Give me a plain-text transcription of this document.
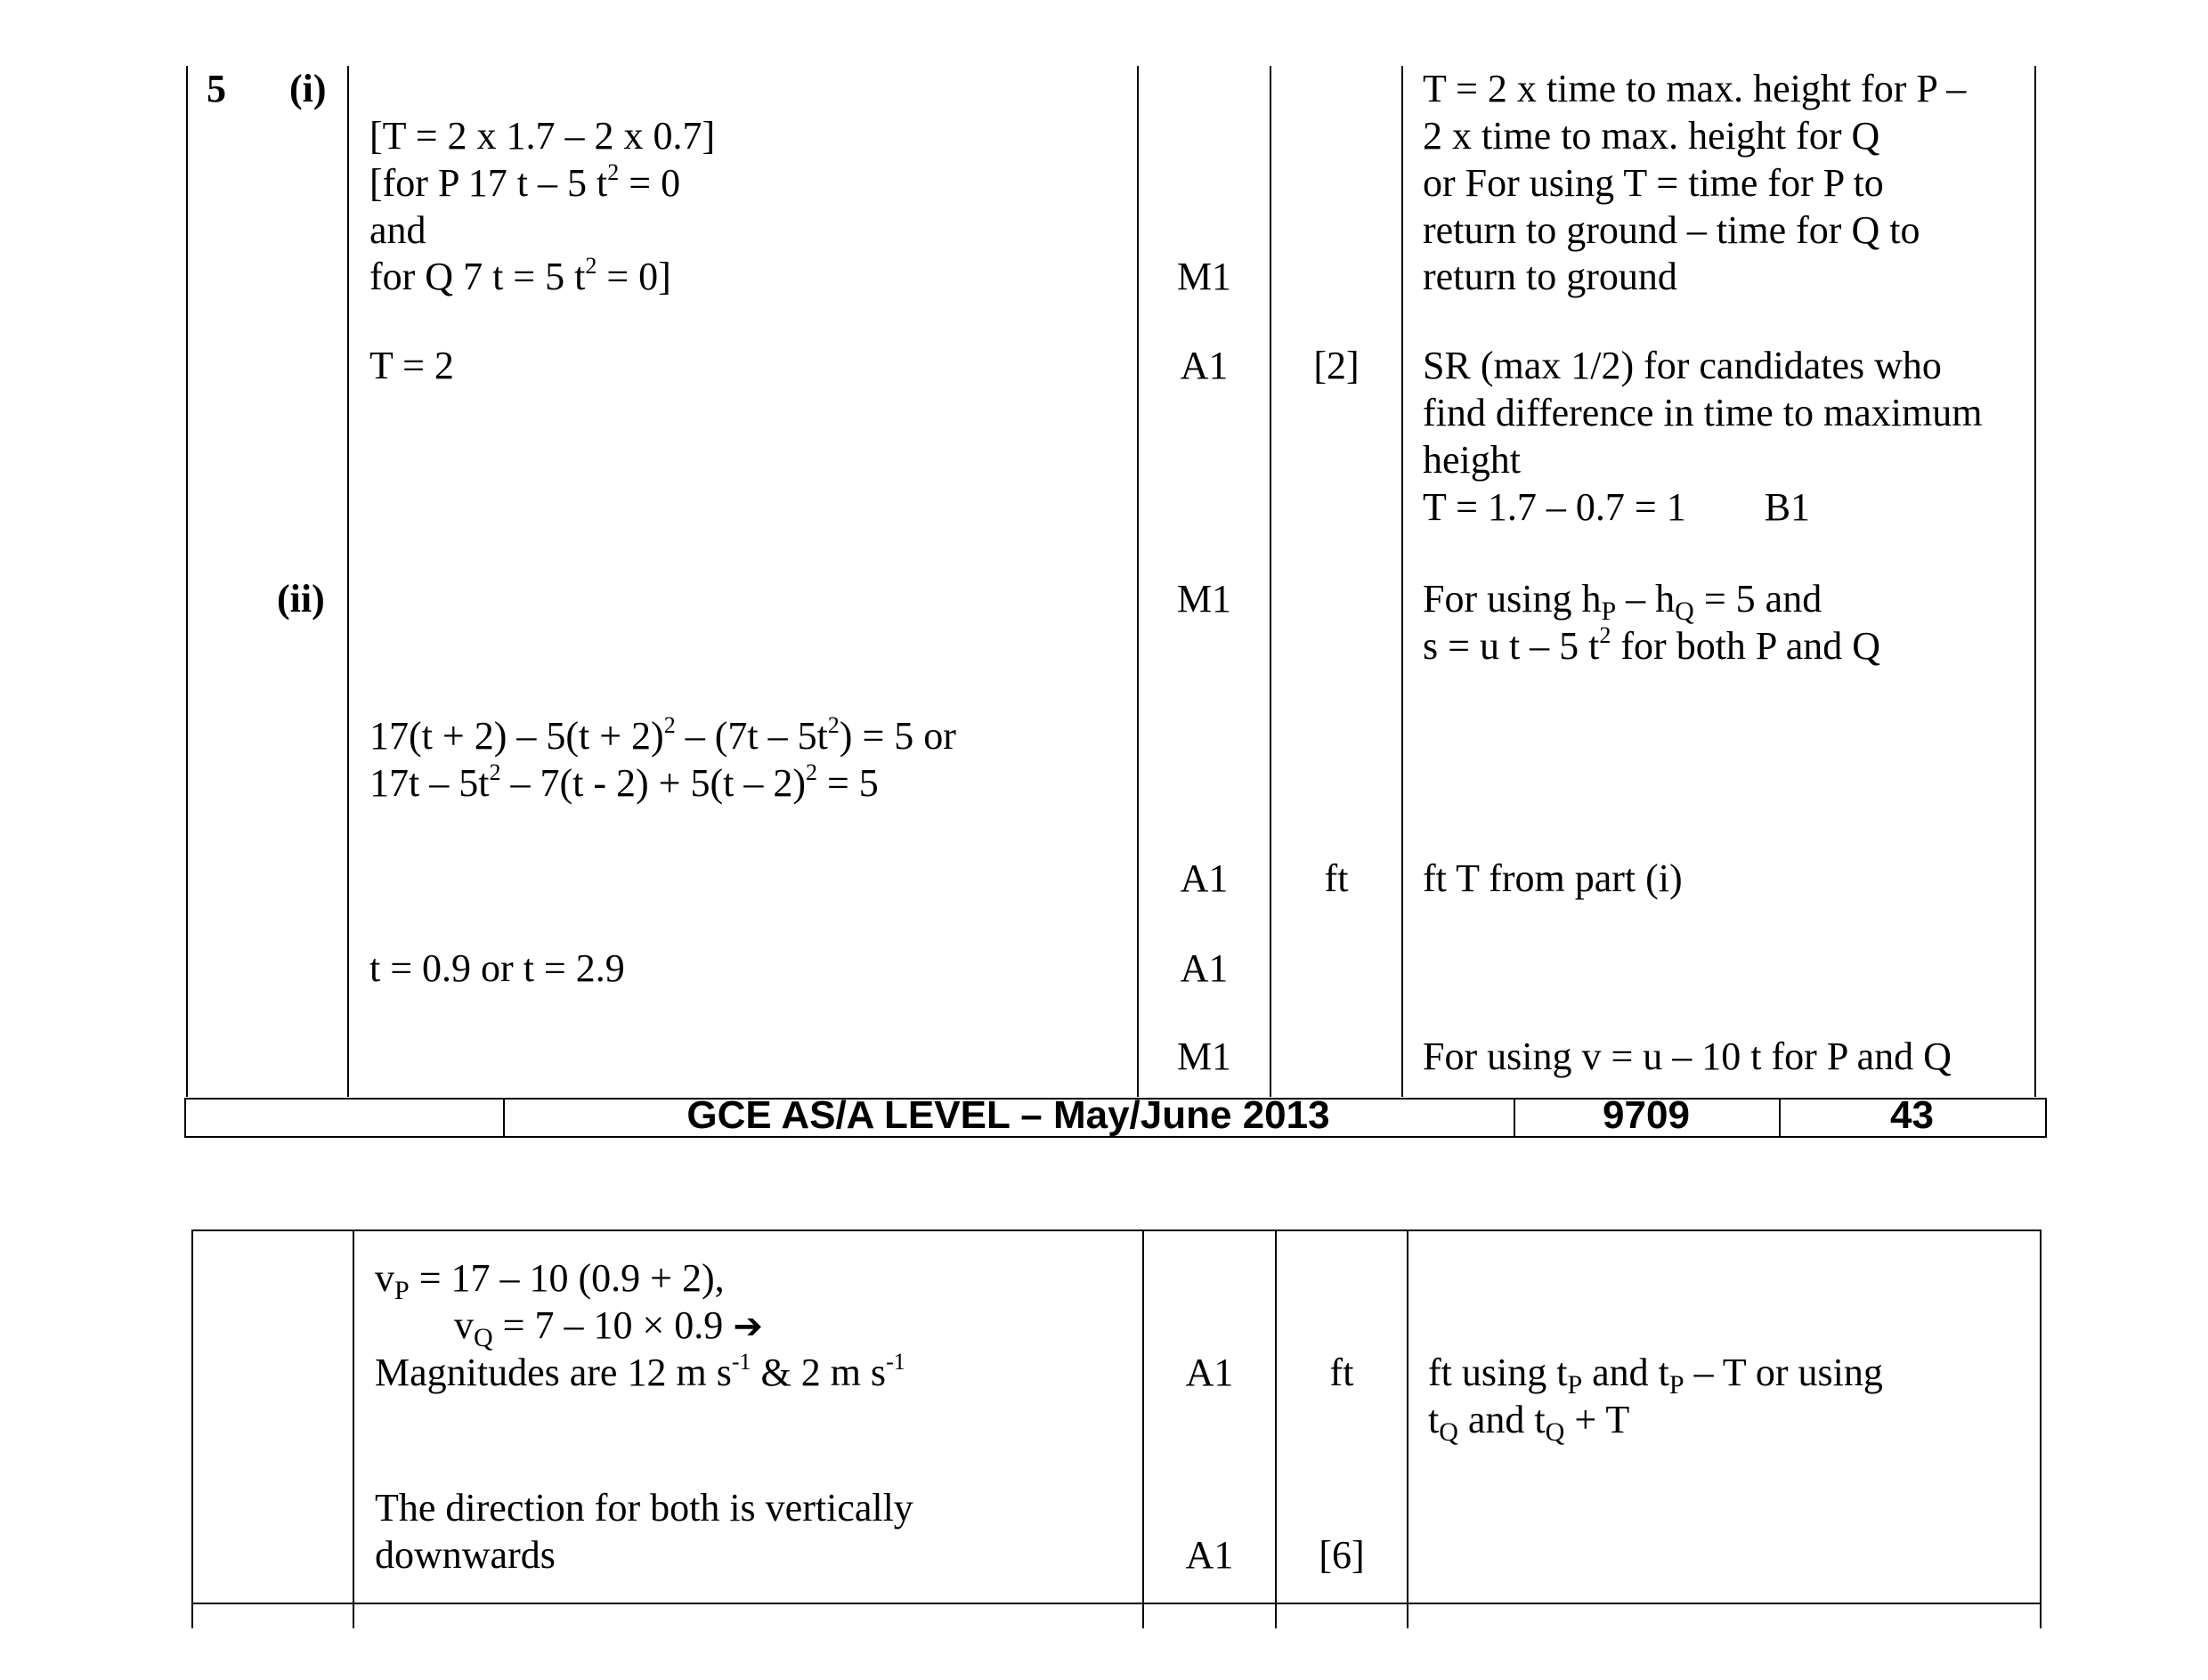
GCE AS/A LEVEL – May/June 2013	9709	43
5 (i)
(ii)
[T = 2 x 1.7 – 2 x 0.7]
[for P 17 t – 5 $t^2 = 0$
and
for Q 7 t = 5 $t^2 = 0$]
T = 2
$17(t + 2) - 5(t + 2)^2 - (7t - 5t^2) = 5$ or
$17t - 5t^2 - 7(t - 2) + 5(t - 2)^2 = 5$
t = 0.9 or t = 2.9
M1
A1
M1
A1
A1
M1
[2]
ft
T = 2 x time to max. height for P –
2 x time to max. height for Q
or For using T = time for P to
return to ground – time for Q to
return to ground
SR (max 1/2) for candidates who
find difference in time to maximum
height
T = 1.7 – 0.7 = 1        B1
For using $h_P - h_Q = 5$ and
s = u t – 5 $t^2$ for both P and Q
ft T from part (i)
For using v = u – 10 t for P and Q
$v_P = 17 - 10$ (0.9 + 2),
$v_Q = 7 - 10 \times 0.9$ ➔
Magnitudes are 12 m $s^{-1}$ & 2 m $s^{-1}$
The direction for both is vertically
downwards
A1
A1
ft
[6]
ft using $t_P$ and $t_P$ – T or using
$t_Q$ and $t_Q + T$
